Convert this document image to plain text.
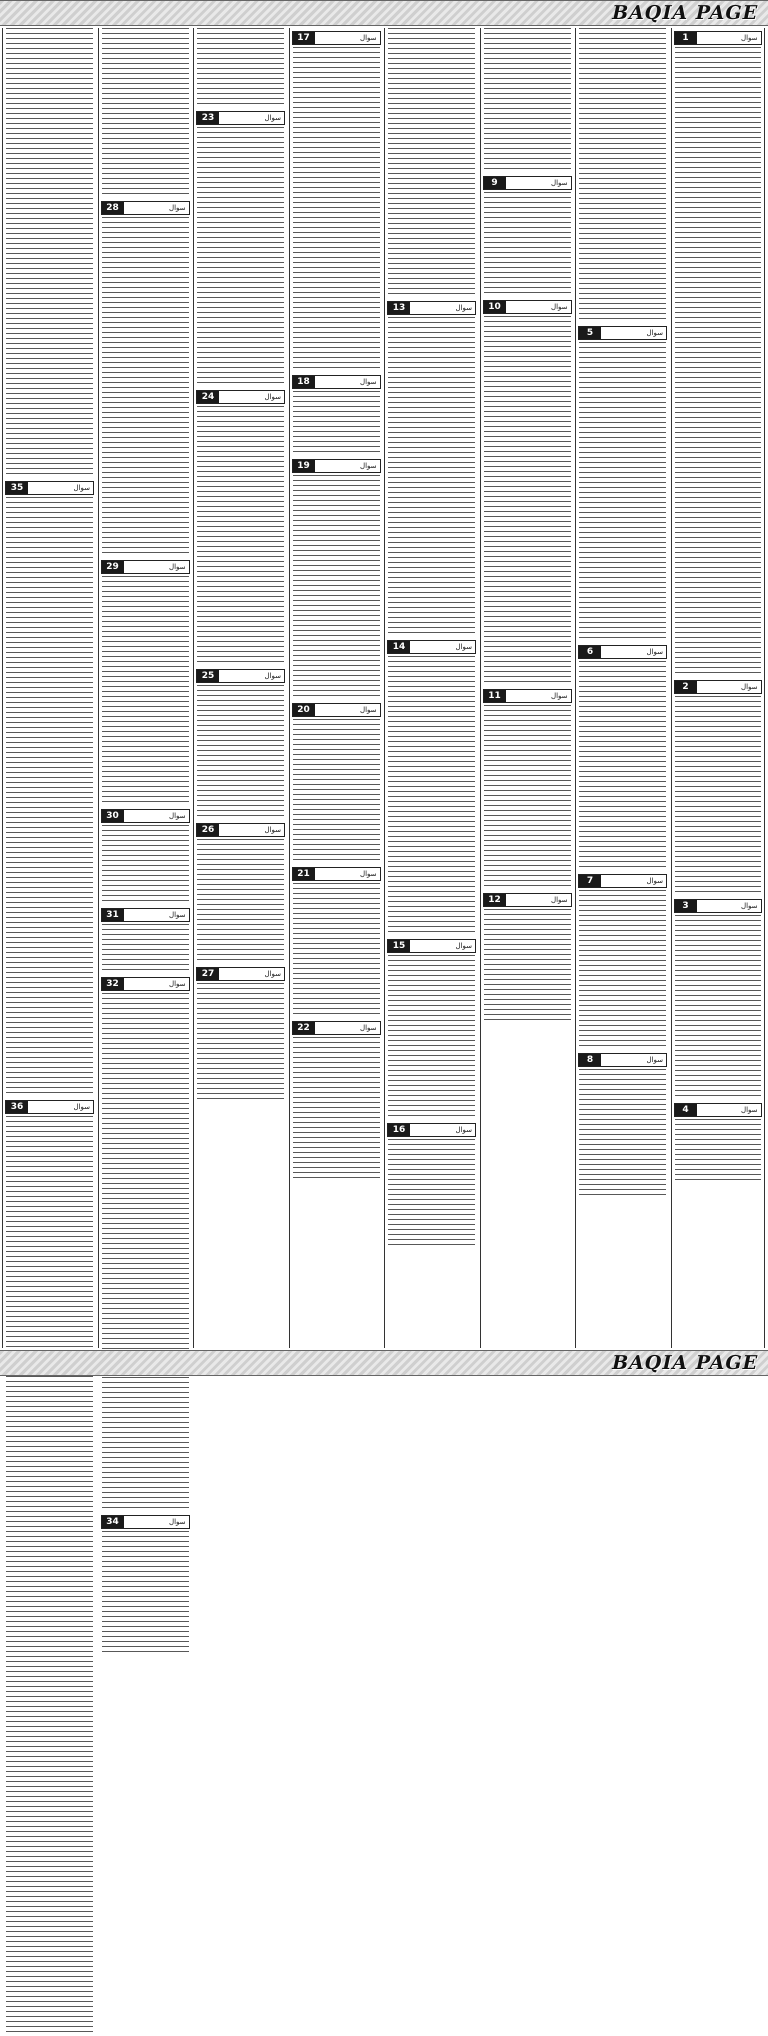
BAQIA PAGE
35	سوال
36	سوال
28	سوال
29	سوال
30	سوال
31	سوال
32	سوال
34	سوال
23	سوال
24	سوال
25	سوال
26	سوال
27	سوال
17	سوال
18	سوال
19	سوال
20	سوال
21	سوال
22	سوال
13	سوال
14	سوال
15	سوال
16	سوال
9	سوال
10	سوال
11	سوال
12	سوال
5	سوال
6	سوال
7	سوال
8	سوال
1	سوال
2	سوال
3	سوال
4	سوال
BAQIA PAGE
